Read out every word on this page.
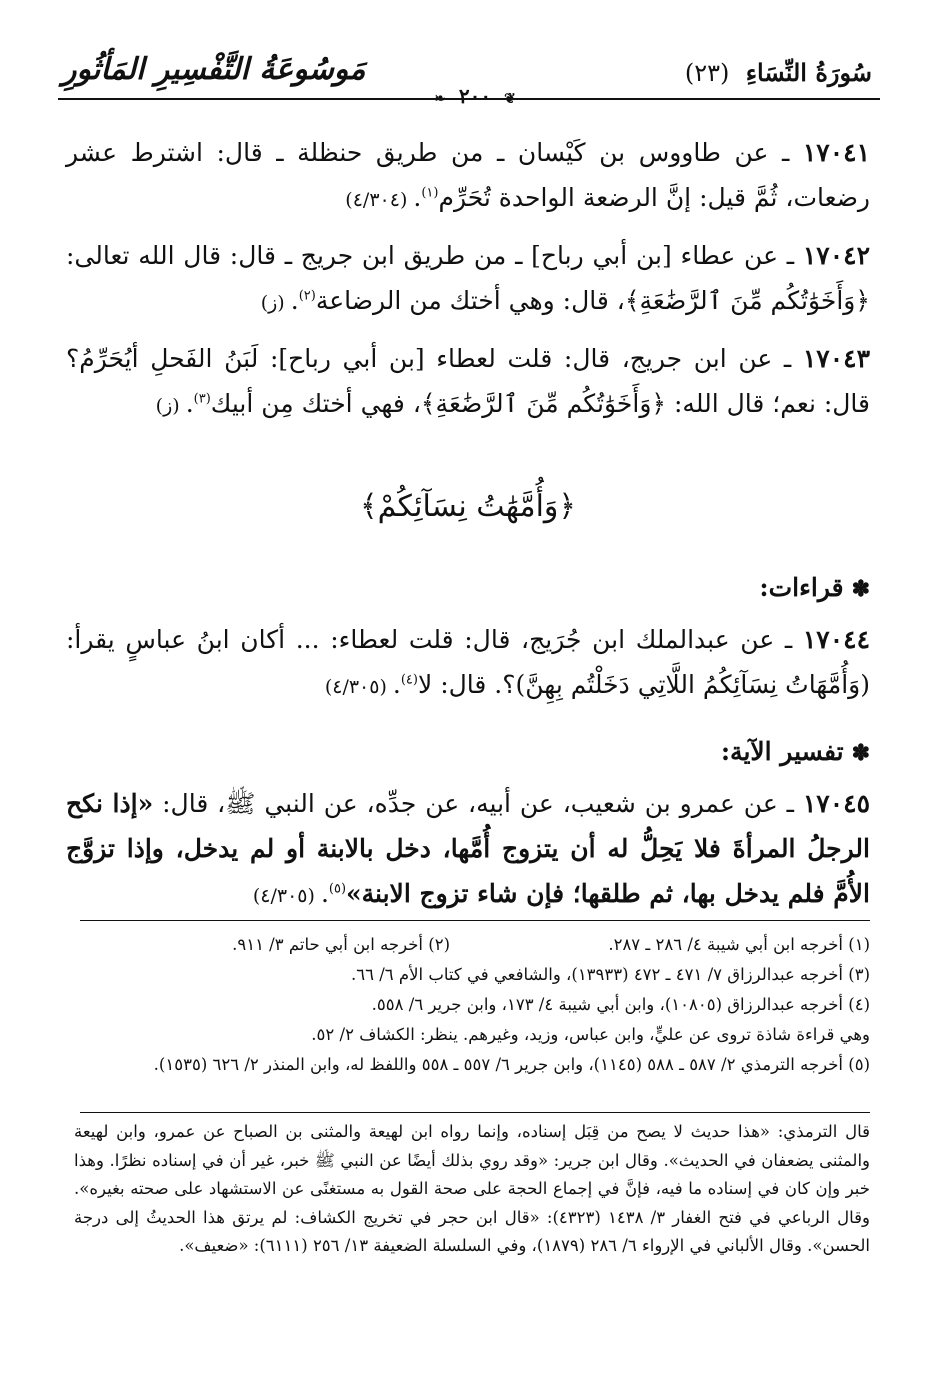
سُورَةُ النِّسَاءِ (٢٣)
مَوسُوعَةُ التَّفْسِيرِ المَأثُورِ
❦ ٢٠٠ ❧

١٧٠٤١ ـ عن طاووس بن كَيْسان ـ من طريق حنظلة ـ قال: اشترط عشر رضعات، ثُمَّ قيل: إنَّ الرضعة الواحدة تُحَرِّم$^{(١)}$.(٤/٣٠٤)

١٧٠٤٢ ـ عن عطاء [بن أبي رباح] ـ من طريق ابن جريج ـ قال: قال الله تعالى: ﴿وَأَخَوَٰتُكُم مِّنَ ٱلرَّضَٰعَةِ﴾، قال: وهي أختك من الرضاعة$^{(٢)}$.(ز)

١٧٠٤٣ ـ عن ابن جريج، قال: قلت لعطاء [بن أبي رباح]: لَبَنُ الفَحلِ أيُحَرِّمُ؟ قال: نعم؛ قال الله: ﴿وَأَخَوَٰتُكُم مِّنَ ٱلرَّضَٰعَةِ﴾، فهي أختك مِن أبيك$^{(٣)}$.(ز)

﴿وَأُمَّهَٰتُ نِسَآئِكُمْ﴾
✽قراءات:

١٧٠٤٤ ـ عن عبدالملك ابن جُرَيج، قال: قلت لعطاء: ... أكان ابنُ عباسٍ يقرأ: (وَأُمَّهَاتُ نِسَآئِكُمُ اللَّاتِي دَخَلْتُم بِهِنَّ)؟. قال: لا$^{(٤)}$.(٤/٣٠٥)

✽تفسير الآية:

١٧٠٤٥ ـ عن عمرو بن شعيب، عن أبيه، عن جدِّه، عن النبي ﷺ، قال: «إذا نكح الرجلُ المرأةَ فلا يَحِلُّ له أن يتزوج أُمَّها، دخل بالابنة أو لم يدخل، وإذا تزوَّج الأُمَّ فلم يدخل بها، ثم طلقها؛ فإن شاء تزوج الابنة»$^{(٥)}$.(٤/٣٠٥)

(١) أخرجه ابن أبي شيبة ٤/ ٢٨٦ ـ ٢٨٧.

(٢) أخرجه ابن أبي حاتم ٣/ ٩١١.

(٣) أخرجه عبدالرزاق ٧/ ٤٧١ ـ ٤٧٢ (١٣٩٣٣)، والشافعي في كتاب الأم ٦/ ٦٦.

(٤) أخرجه عبدالرزاق (١٠٨٠٥)، وابن أبي شيبة ٤/ ١٧٣، وابن جرير ٦/ ٥٥٨.

وهي قراءة شاذة تروى عن عليٍّ، وابن عباس، وزيد، وغيرهم. ينظر: الكشاف ٢/ ٥٢.

(٥) أخرجه الترمذي ٢/ ٥٨٧ ـ ٥٨٨ (١١٤٥)، وابن جرير ٦/ ٥٥٧ ـ ٥٥٨ واللفظ له، وابن المنذر ٢/ ٦٢٦ (١٥٣٥).

قال الترمذي: «هذا حديث لا يصح من قِبَل إسناده، وإنما رواه ابن لهيعة والمثنى بن الصباح عن عمرو، وابن لهيعة والمثنى يضعفان في الحديث». وقال ابن جرير: «وقد روي بذلك أيضًا عن النبي ﷺ خبر، غير أن في إسناده نظرًا. وهذا خبر وإن كان في إسناده ما فيه، فإنَّ في إجماع الحجة على صحة القول به مستغنًى عن الاستشهاد على صحته بغيره». وقال الرباعي في فتح الغفار ٣/ ١٤٣٨ (٤٣٢٣): «قال ابن حجر في تخريج الكشاف: لم يرتق هذا الحديثُ إلى درجة الحسن». وقال الألباني في الإرواء ٦/ ٢٨٦ (١٨٧٩)، وفي السلسلة الضعيفة ١٣/ ٢٥٦ (٦١١١): «ضعيف».
